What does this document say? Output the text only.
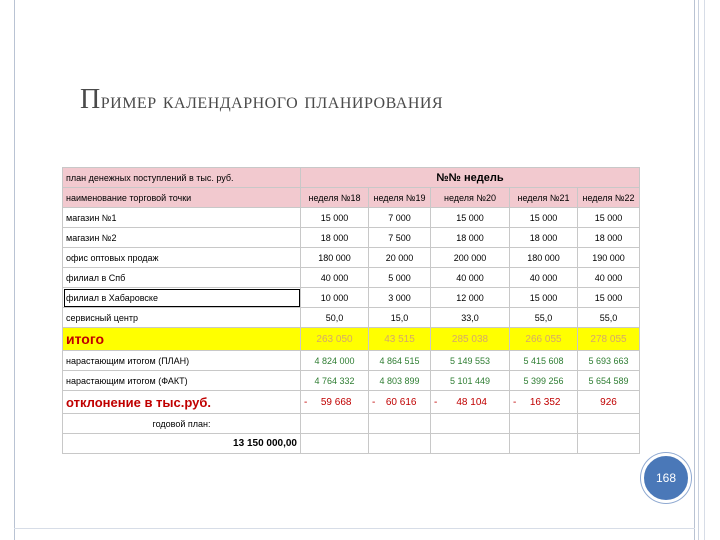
Пример календарного планирования
план денежных поступлений в тыс. руб.	№№ недель				
наименование торговой точки	неделя №18	неделя №19	неделя №20	неделя №21	неделя №22
магазин №1	15 000	7 000	15 000	15 000	15 000
магазин №2	18 000	7 500	18 000	18 000	18 000
офис оптовых продаж	180 000	20 000	200 000	180 000	190 000
филиал в Спб	40 000	5 000	40 000	40 000	40 000
филиал в Хабаровске	10 000	3 000	12 000	15 000	15 000
сервисный центр	50,0	15,0	33,0	55,0	55,0
итого	263 050	43 515	285 038	266 055	278 055
нарастающим итогом (ПЛАН)	4 824 000	4 864 515	5 149 553	5 415 608	5 693 663
нарастающим итогом (ФАКТ)	4 764 332	4 803 899	5 101 449	5 399 256	5 654 589
отклонение в тыс.руб.	- 59 668	- 60 616	- 48 104	- 16 352	926
годовой план:					
13 150 000,00					
168
